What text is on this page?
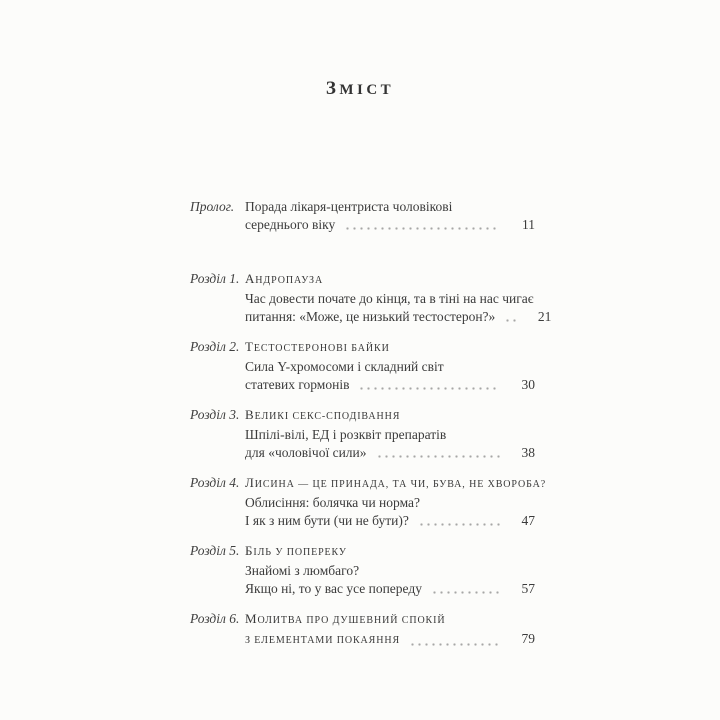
ЗМІСТ
Пролог. Порада лікаря-центриста чоловікові
середнього віку	11
Розділ 1. АНДРОПАУЗА
Час довести почате до кінця, та в тіні на нас чигає
питання: «Може, це низький тестостерон?»	21
Розділ 2. ТЕСТОСТЕРОНОВІ БАЙКИ
Сила Y-хромосоми і складний світ
статевих гормонів	30
Розділ 3. ВЕЛИКІ СЕКС-СПОДІВАННЯ
Шпілі-вілі, ЕД і розквіт препаратів
для «чоловічої сили»	38
Розділ 4. ЛИСИНА — ЦЕ ПРИНАДА, ТА ЧИ, БУВА, НЕ ХВОРОБА?
Облисіння: болячка чи норма?
І як з ним бути (чи не бути)?	47
Розділ 5. БІЛЬ У ПОПЕРЕКУ
Знайомі з люмбаго?
Якщо ні, то у вас усе попереду	57
Розділ 6. МОЛИТВА ПРО ДУШЕВНИЙ СПОКІЙ
З ЕЛЕМЕНТАМИ ПОКАЯННЯ	79
